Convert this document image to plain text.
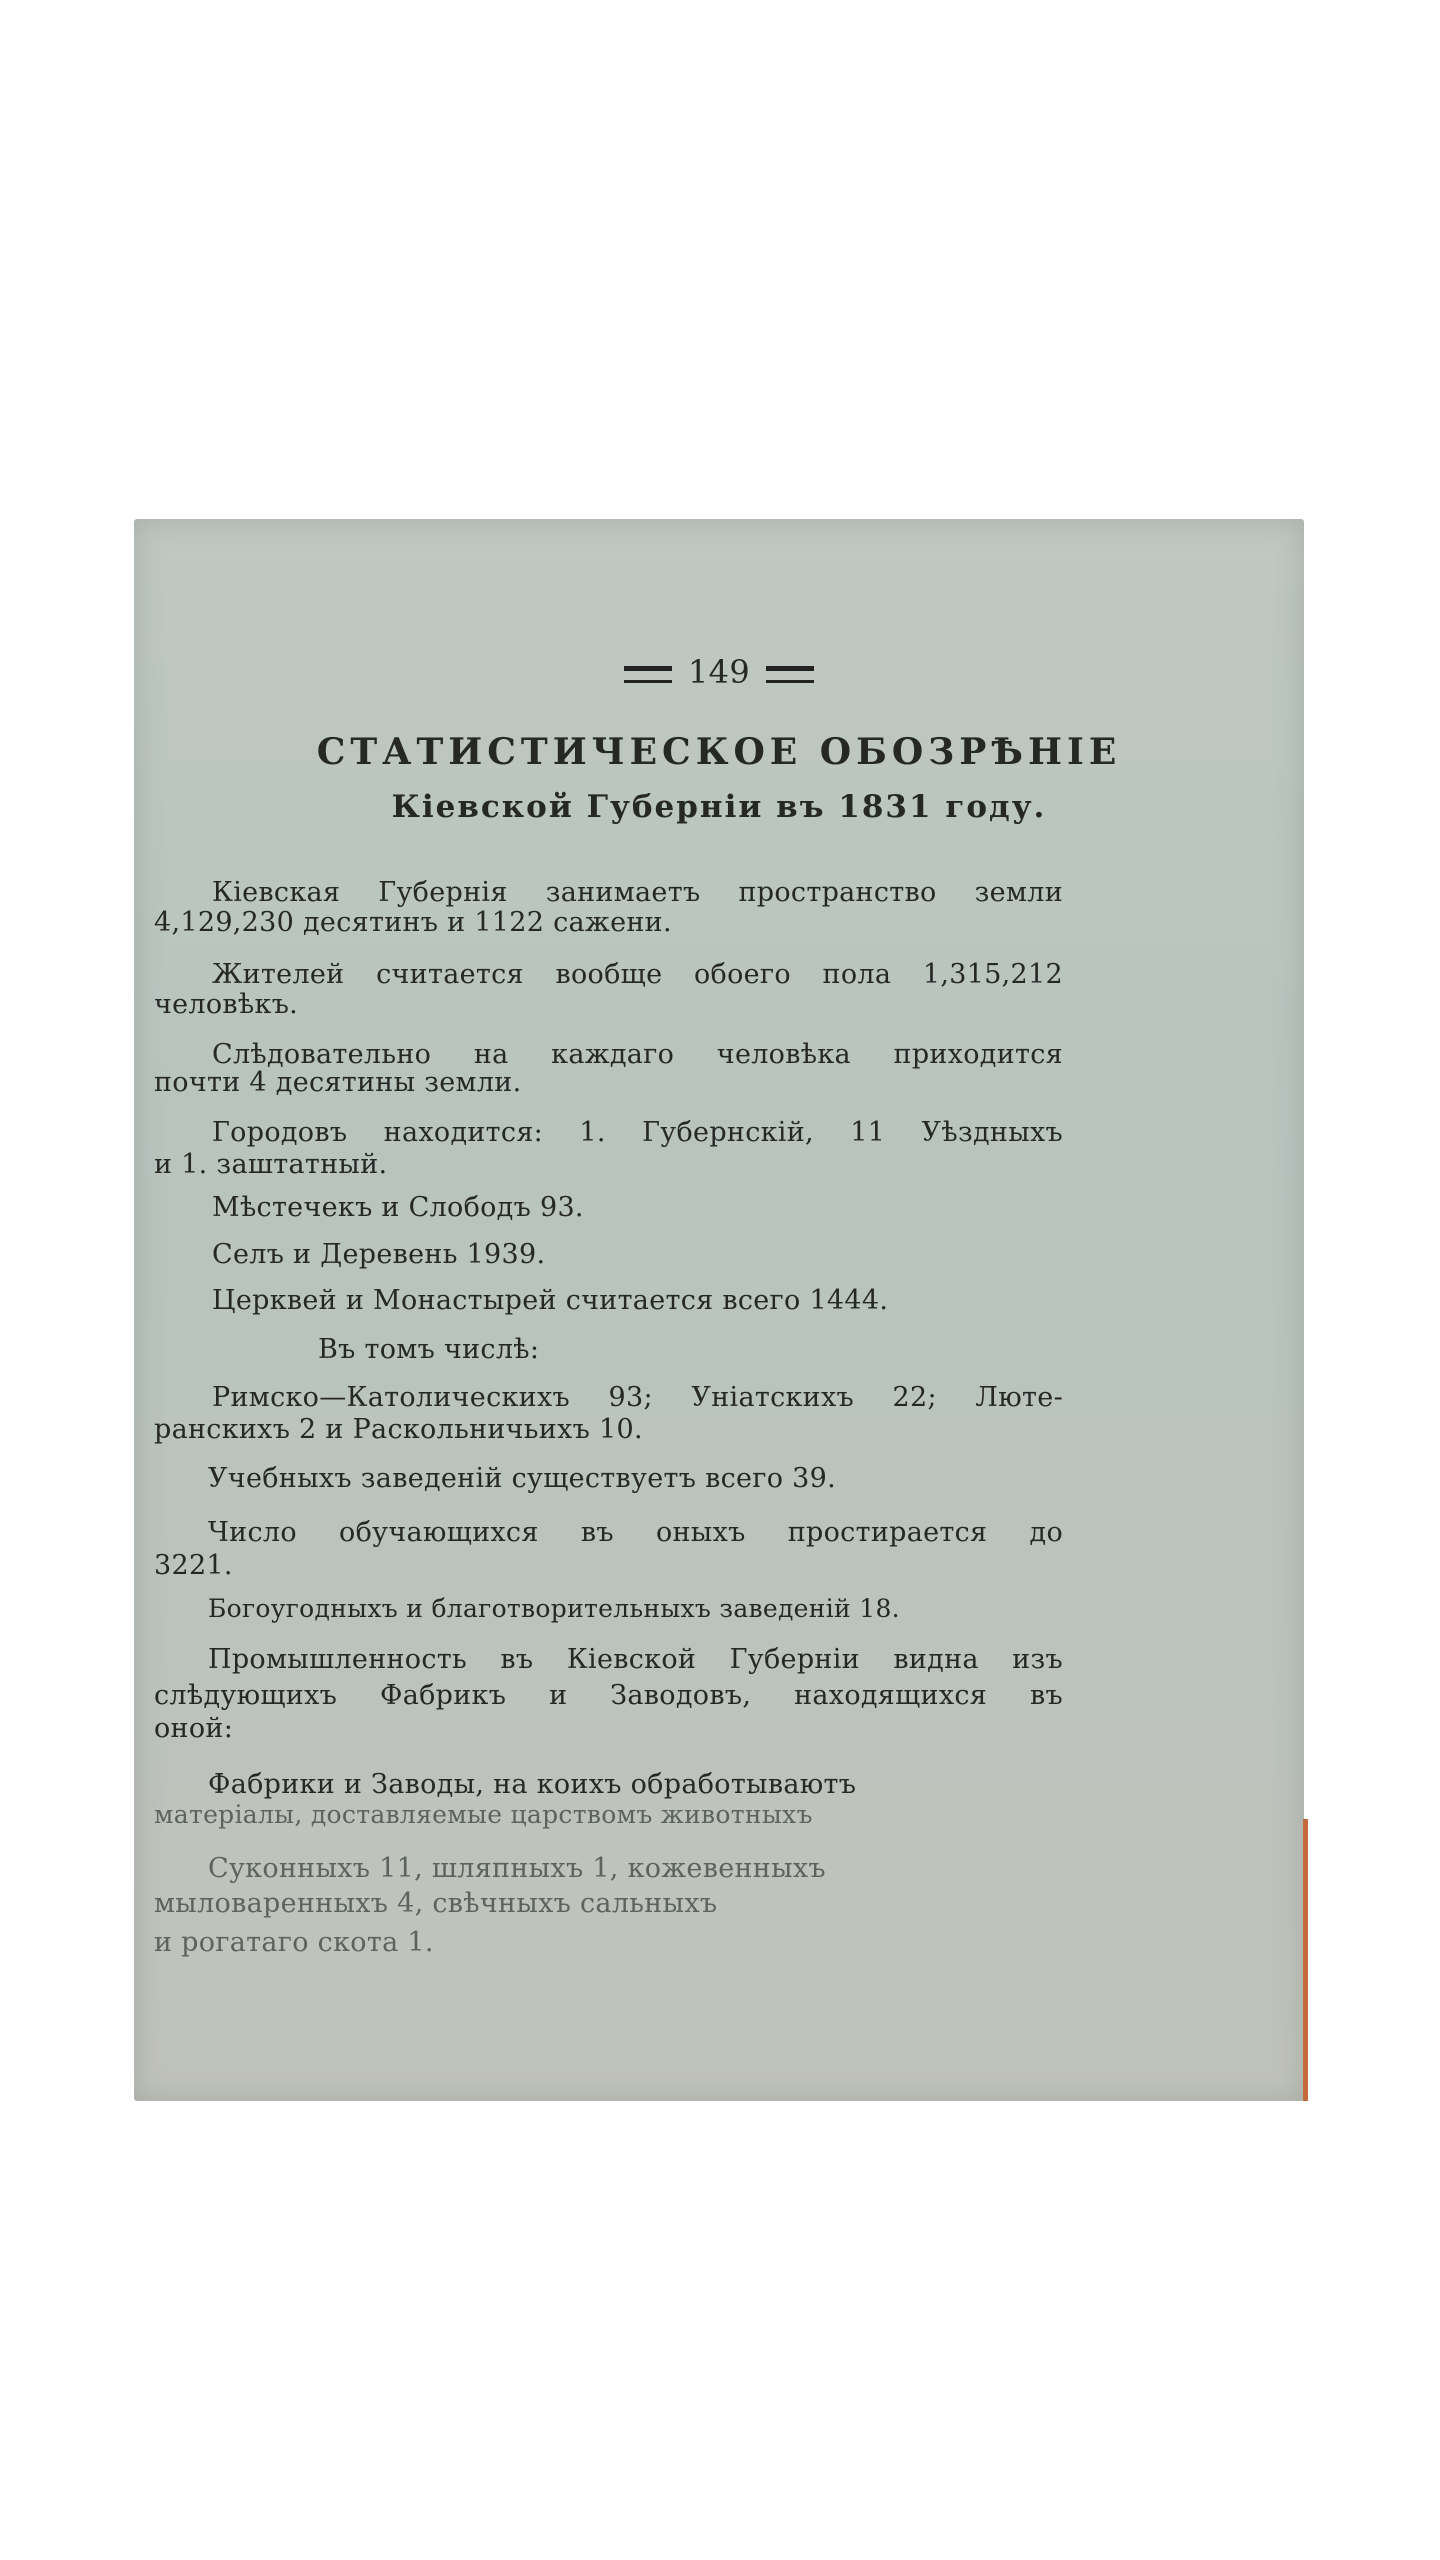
149
СТАТИСТИЧЕСКОЕ ОБОЗРѢНІЕ
Кіевской Губерніи въ 1831 году.
Кіевская Губернія занимаетъ пространство земли
4,129,230 десятинъ и 1122 сажени.
Жителей считается вообще обоего пола 1,315,212
человѣкъ.
Слѣдовательно на каждаго человѣка приходится
почти 4 десятины земли.
Городовъ находится: 1. Губернскій, 11 Уѣздныхъ
и 1. заштатный.
Мѣстечекъ и Слободъ 93.
Селъ и Деревень 1939.
Церквей и Монастырей считается всего 1444.
Въ томъ числѣ:
Римско—Католическихъ 93; Уніатскихъ 22; Люте-
ранскихъ 2 и Раскольничьихъ 10.
Учебныхъ заведеній существуетъ всего 39.
Число обучающихся въ оныхъ простирается до
3221.
Богоугодныхъ и благотворительныхъ заведеній 18.
Промышленность въ Кіевской Губерніи видна изъ
слѣдующихъ Фабрикъ и Заводовъ, находящихся въ
оной:
Фабрики и Заводы, на коихъ обработываютъ
матеріалы, доставляемые царствомъ животныхъ
Суконныхъ 11, шляпныхъ 1, кожевенныхъ
мыловаренныхъ 4, свѣчныхъ сальныхъ
и рогатаго скота 1.
